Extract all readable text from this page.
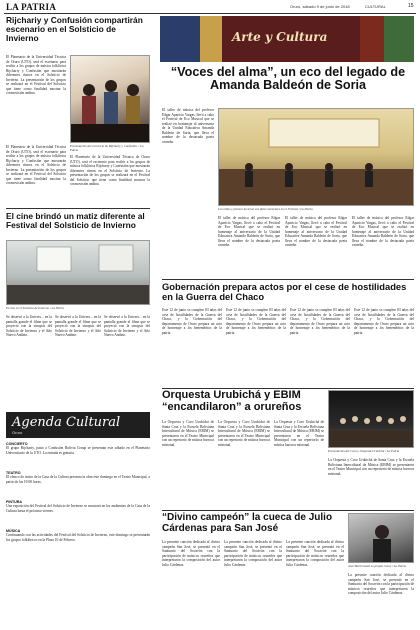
LA PATRIA	Oruro, sábado 9 de junio de 2018	CULTURAL	15
Rijchariy y Confusión compartirán escenario en el Solsticio de Invierno
El Planetario de la Universidad Técnica de Oruro (UTO), será el escenario para recibir a los grupos de música folklórica Rijchariy y Confusión que mostrarán diferentes ritmos en el Solsticio de Invierno. La presentación de los grupos se realizará en el Festival del Solsticio que tiene como finalidad mostrar la cosmovisión andina.
El Planetario de la Universidad Técnica de Oruro (UTO), será el escenario para recibir a los grupos de música folklórica Rijchariy y Confusión que mostrarán diferentes ritmos en el Solsticio de Invierno. La presentación de los grupos se realizará en el Festival del Solsticio que tiene como finalidad mostrar la cosmovisión andina.
Presentación del concierto de Rijchariy y Confusión. / La Patria
El Planetario de la Universidad Técnica de Oruro (UTO), será el escenario para recibir a los grupos de música folklórica Rijchariy y Confusión que mostrarán diferentes ritmos en el Solsticio de Invierno. La presentación de los grupos se realizará en el Festival del Solsticio que tiene como finalidad mostrar la cosmovisión andina.
El cine brindó un matiz diferente al Festival del Solsticio de Invierno
El cine en el Solsticio de Invierno / La Patria
Se observó a la Univers... en la pantalla grande el filme que se proyectó con la sinopsis del Solsticio de Invierno y el Año Nuevo Andino.
Se observó a la Univers... en la pantalla grande el filme que se proyectó con la sinopsis del Solsticio de Invierno y el Año Nuevo Andino.
Se observó a la Univers... en la pantalla grande el filme que se proyectó con la sinopsis del Solsticio de Invierno y el Año Nuevo Andino.
Agenda Cultural
Oruro
CONCIERTO
El grupo Rijchariy, junto a Confusión Bolivia Group se presentan este sábado en el Planetario Universitario de la UTO. La entrada es gratuita.
TEATRO
El elenco de teatro de la Casa de la Cultura presenta la obra este domingo en el Teatro Municipal, a partir de las 19:00 horas.
PINTURA
Una exposición del Festival del Solsticio de Invierno se mostrará en los ambientes de la Casa de la Cultura hasta el próximo viernes.
MÚSICA
Continuando con las actividades del Festival del Solsticio de Invierno, este domingo se presentarán los grupos folklóricos en la Plaza 10 de Febrero.
Arte y Cultura
“Voces del alma”, un eco del legado de Amanda Baldeón de Soria
El taller de música del profesor Edgar Aparicio Vargas, llevó a cabo el Festival de Eco Musical que se realizó en homenaje al aniversario de la Unidad Educativa Amanda Baldeón de Soria, que lleva el nombre de la destacada poeta orureña.
Los niños y jóvenes lucieron sus dotes musicales en el Festival / La Patria
El taller de música del profesor Edgar Aparicio Vargas, llevó a cabo el Festival de Eco Musical que se realizó en homenaje al aniversario de la Unidad Educativa Amanda Baldeón de Soria, que lleva el nombre de la destacada poeta orureña.
El taller de música del profesor Edgar Aparicio Vargas, llevó a cabo el Festival de Eco Musical que se realizó en homenaje al aniversario de la Unidad Educativa Amanda Baldeón de Soria, que lleva el nombre de la destacada poeta orureña.
El taller de música del profesor Edgar Aparicio Vargas, llevó a cabo el Festival de Eco Musical que se realizó en homenaje al aniversario de la Unidad Educativa Amanda Baldeón de Soria, que lleva el nombre de la destacada poeta orureña.
Gobernación prepara actos por el cese de hostilidades en la Guerra del Chaco
Este 12 de junio se cumplen 83 años del cese de hostilidades de la Guerra del Chaco, y la Gobernación del departamento de Oruro prepara un acto de homenaje a los beneméritos de la patria.
Este 12 de junio se cumplen 83 años del cese de hostilidades de la Guerra del Chaco, y la Gobernación del departamento de Oruro prepara un acto de homenaje a los beneméritos de la patria.
Este 12 de junio se cumplen 83 años del cese de hostilidades de la Guerra del Chaco, y la Gobernación del departamento de Oruro prepara un acto de homenaje a los beneméritos de la patria.
Este 12 de junio se cumplen 83 años del cese de hostilidades de la Guerra del Chaco, y la Gobernación del departamento de Oruro prepara un acto de homenaje a los beneméritos de la patria.
Orquesta Urubichá y EBIM “encandilaron” a orureños
La Orquesta y Coro Urubichá de Santa Cruz y la Escuela Boliviana Intercultural de Música (EBIM) se presentaron en el Teatro Municipal con un repertorio de música barroca misional.
La Orquesta y Coro Urubichá de Santa Cruz y la Escuela Boliviana Intercultural de Música (EBIM) se presentaron en el Teatro Municipal con un repertorio de música barroca misional.
La Orquesta y Coro Urubichá de Santa Cruz y la Escuela Boliviana Intercultural de Música (EBIM) se presentaron en el Teatro Municipal con un repertorio de música barroca misional.
Presentación del Coro y Orquesta Urubichá / La Patria
La Orquesta y Coro Urubichá de Santa Cruz y la Escuela Boliviana Intercultural de Música (EBIM) se presentaron en el Teatro Municipal con un repertorio de música barroca misional.
“Divino campeón” la cueca de Julio Cárdenas para San José
La presente canción dedicada al divino campeón San José, se presentó en el Santuario del Socavón con la participación de músicos orureños que interpretaron la composición del autor Julio Cárdenas.
La presente canción dedicada al divino campeón San José, se presentó en el Santuario del Socavón con la participación de músicos orureños que interpretaron la composición del autor Julio Cárdenas.
La presente canción dedicada al divino campeón San José, se presentó en el Santuario del Socavón con la participación de músicos orureños que interpretaron la composición del autor Julio Cárdenas.	José Marín lanzó su propia cueca / La Patria
La presente canción dedicada al divino campeón San José, se presentó en el Santuario del Socavón con la participación de músicos orureños que interpretaron la composición del autor Julio Cárdenas.
